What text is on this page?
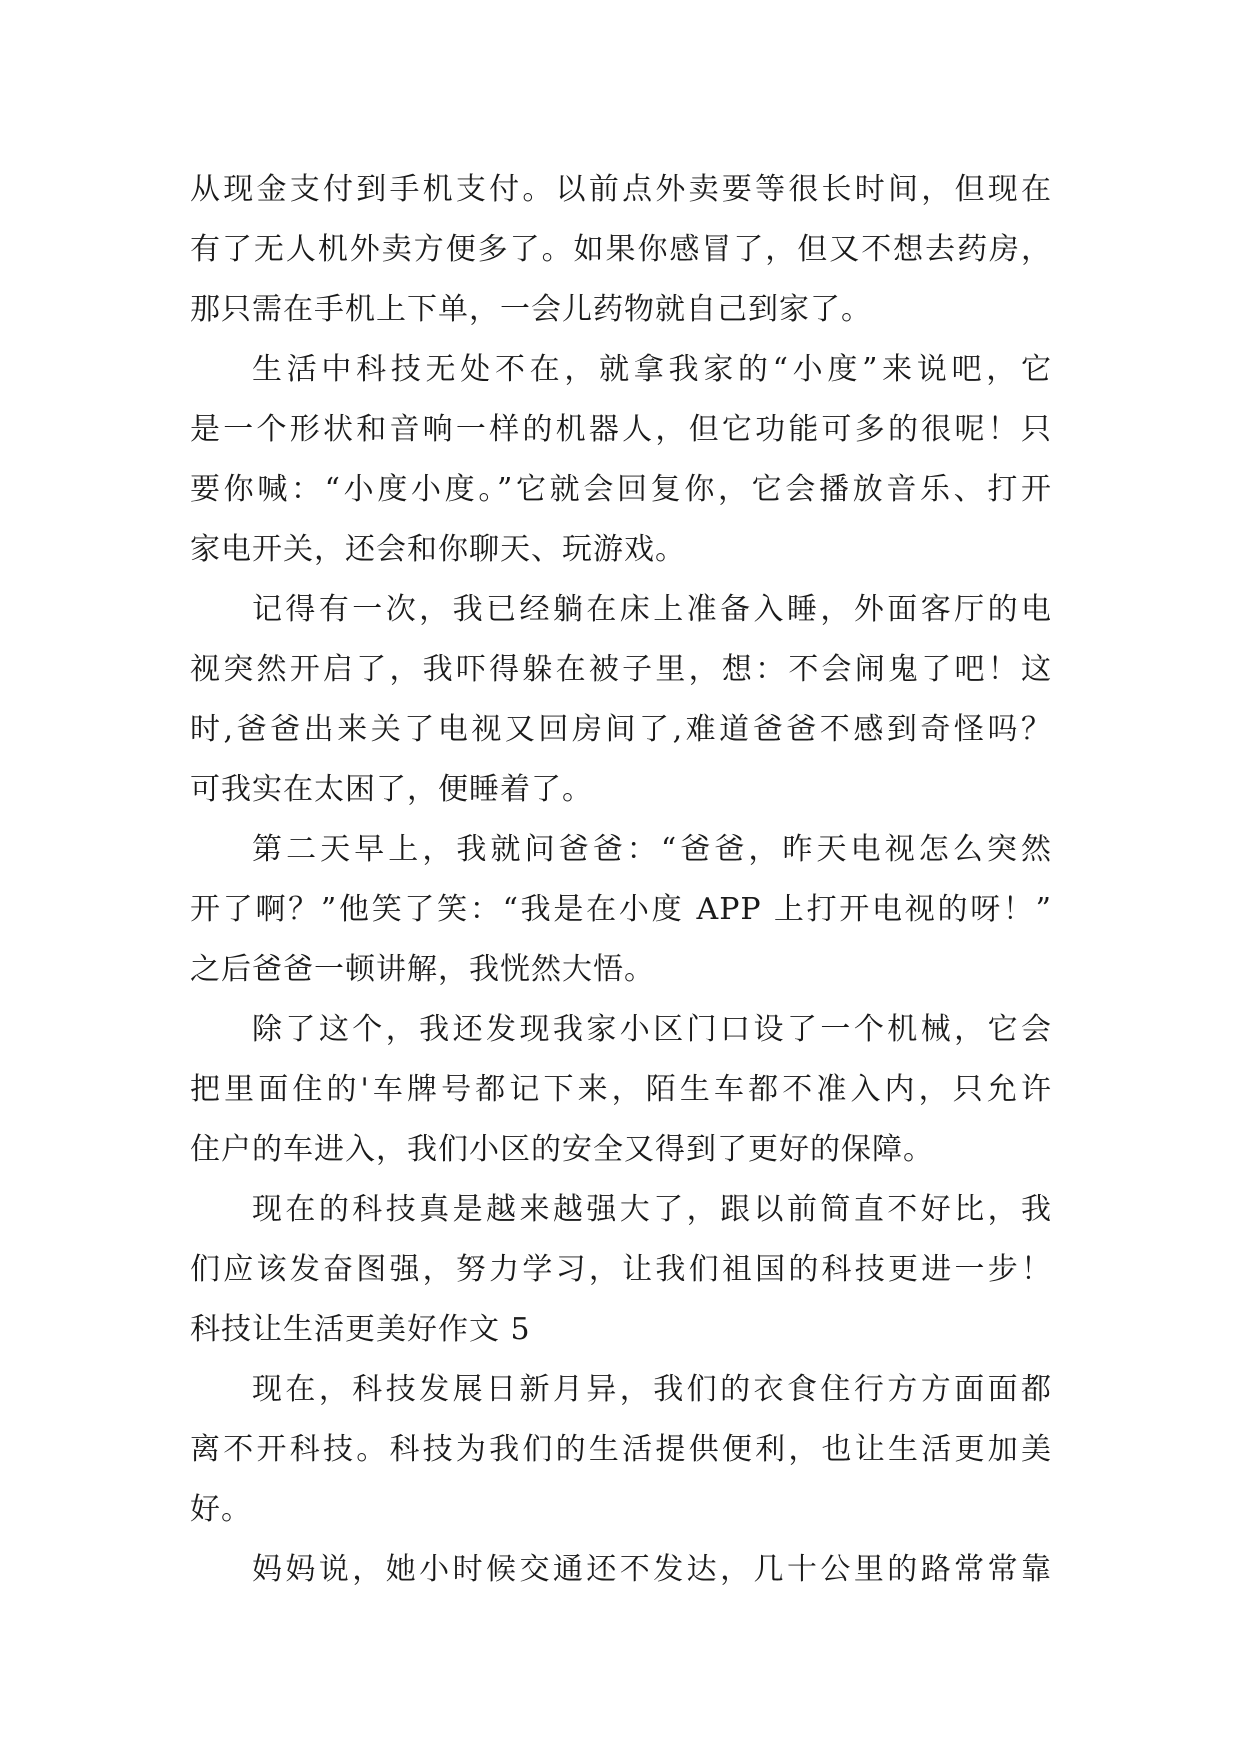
从现金支付到手机支付。以前点外卖要等很长时间，但现在
有了无人机外卖方便多了。如果你感冒了，但又不想去药房，
那只需在手机上下单，一会儿药物就自己到家了。
生活中科技无处不在，就拿我家的“小度”来说吧，它
是一个形状和音响一样的机器人，但它功能可多的很呢！只
要你喊：“小度小度。”它就会回复你，它会播放音乐、打开
家电开关，还会和你聊天、玩游戏。
记得有一次，我已经躺在床上准备入睡，外面客厅的电
视突然开启了，我吓得躲在被子里，想：不会闹鬼了吧！这
时,爸爸出来关了电视又回房间了,难道爸爸不感到奇怪吗？
可我实在太困了，便睡着了。
第二天早上，我就问爸爸：“爸爸，昨天电视怎么突然
开了啊？”他笑了笑：“我是在小度 APP 上打开电视的呀！”
之后爸爸一顿讲解，我恍然大悟。
除了这个，我还发现我家小区门口设了一个机械，它会
把里面住的'车牌号都记下来，陌生车都不准入内，只允许
住户的车进入，我们小区的安全又得到了更好的保障。
现在的科技真是越来越强大了，跟以前简直不好比，我
们应该发奋图强，努力学习，让我们祖国的科技更进一步！
科技让生活更美好作文 5
现在，科技发展日新月异，我们的衣食住行方方面面都
离不开科技。科技为我们的生活提供便利，也让生活更加美
好。
妈妈说，她小时候交通还不发达，几十公里的路常常靠
